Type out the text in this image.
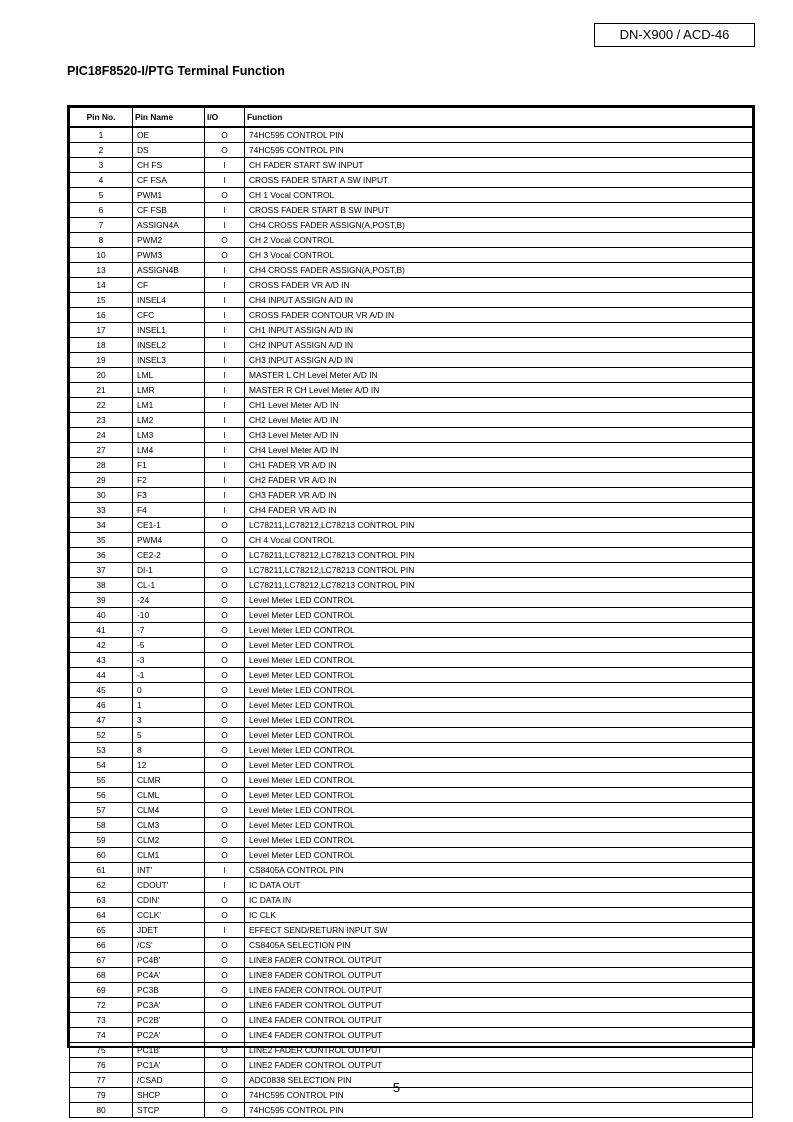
DN-X900 / ACD-46
PIC18F8520-I/PTG Terminal Function
Pin No.	Pin Name	I/O	Function
1	OE	O	74HC595 CONTROL PIN
2	DS	O	74HC595 CONTROL PIN
3	CH FS	I	CH FADER START SW INPUT
4	CF FSA	I	CROSS FADER START A SW INPUT
5	PWM1	O	CH 1 Vocal CONTROL
6	CF FSB	I	CROSS FADER START B SW INPUT
7	ASSIGN4A	I	CH4 CROSS FADER ASSIGN(A,POST,B)
8	PWM2	O	CH 2 Vocal CONTROL
10	PWM3	O	CH 3 Vocal CONTROL
13	ASSIGN4B	I	CH4 CROSS FADER ASSIGN(A,POST,B)
14	CF	I	CROSS FADER VR A/D IN
15	INSEL4	I	CH4 INPUT ASSIGN A/D IN
16	CFC	I	CROSS FADER CONTOUR VR A/D IN
17	INSEL1	I	CH1 INPUT ASSIGN A/D IN
18	INSEL2	I	CH2 INPUT ASSIGN A/D IN
19	INSEL3	I	CH3 INPUT ASSIGN A/D IN
20	LML	I	MASTER L CH Level Meter A/D IN
21	LMR	I	MASTER R CH Level Meter A/D IN
22	LM1	I	CH1 Level Meter A/D IN
23	LM2	I	CH2 Level Meter A/D IN
24	LM3	I	CH3 Level Meter A/D IN
27	LM4	I	CH4 Level Meter A/D IN
28	F1	I	CH1 FADER VR A/D IN
29	F2	I	CH2 FADER VR A/D IN
30	F3	I	CH3 FADER VR A/D IN
33	F4	I	CH4 FADER VR A/D IN
34	CE1-1	O	LC78211,LC78212,LC78213 CONTROL PIN
35	PWM4	O	CH 4 Vocal CONTROL
36	CE2-2	O	LC78211,LC78212,LC78213 CONTROL PIN
37	DI-1	O	LC78211,LC78212,LC78213 CONTROL PIN
38	CL-1	O	LC78211,LC78212,LC78213 CONTROL PIN
39	-24	O	Level Meter LED CONTROL
40	-10	O	Level Meter LED CONTROL
41	-7	O	Level Meter LED CONTROL
42	-5	O	Level Meter LED CONTROL
43	-3	O	Level Meter LED CONTROL
44	-1	O	Level Meter LED CONTROL
45	0	O	Level Meter LED CONTROL
46	1	O	Level Meter LED CONTROL
47	3	O	Level Meter LED CONTROL
52	5	O	Level Meter LED CONTROL
53	8	O	Level Meter LED CONTROL
54	12	O	Level Meter LED CONTROL
55	CLMR	O	Level Meter LED CONTROL
56	CLML	O	Level Meter LED CONTROL
57	CLM4	O	Level Meter LED CONTROL
58	CLM3	O	Level Meter LED CONTROL
59	CLM2	O	Level Meter LED CONTROL
60	CLM1	O	Level Meter LED CONTROL
61	INT'	I	CS8405A CONTROL PIN
62	CDOUT'	I	IC DATA OUT
63	CDIN'	O	IC DATA IN
64	CCLK'	O	IC CLK
65	JDET	I	EFFECT SEND/RETURN INPUT SW
66	/CS'	O	CS8405A SELECTION PIN
67	PC4B'	O	LINE8 FADER CONTROL OUTPUT
68	PC4A'	O	LINE8 FADER CONTROL OUTPUT
69	PC3B	O	LINE6 FADER CONTROL OUTPUT
72	PC3A'	O	LINE6 FADER CONTROL OUTPUT
73	PC2B'	O	LINE4 FADER CONTROL OUTPUT
74	PC2A'	O	LINE4 FADER CONTROL OUTPUT
75	PC1B'	O	LINE2 FADER CONTROL OUTPUT
76	PC1A'	O	LINE2 FADER CONTROL OUTPUT
77	/CSAD	O	ADC0838 SELECTION PIN
79	SHCP	O	74HC595 CONTROL PIN
80	STCP	O	74HC595 CONTROL PIN
5
